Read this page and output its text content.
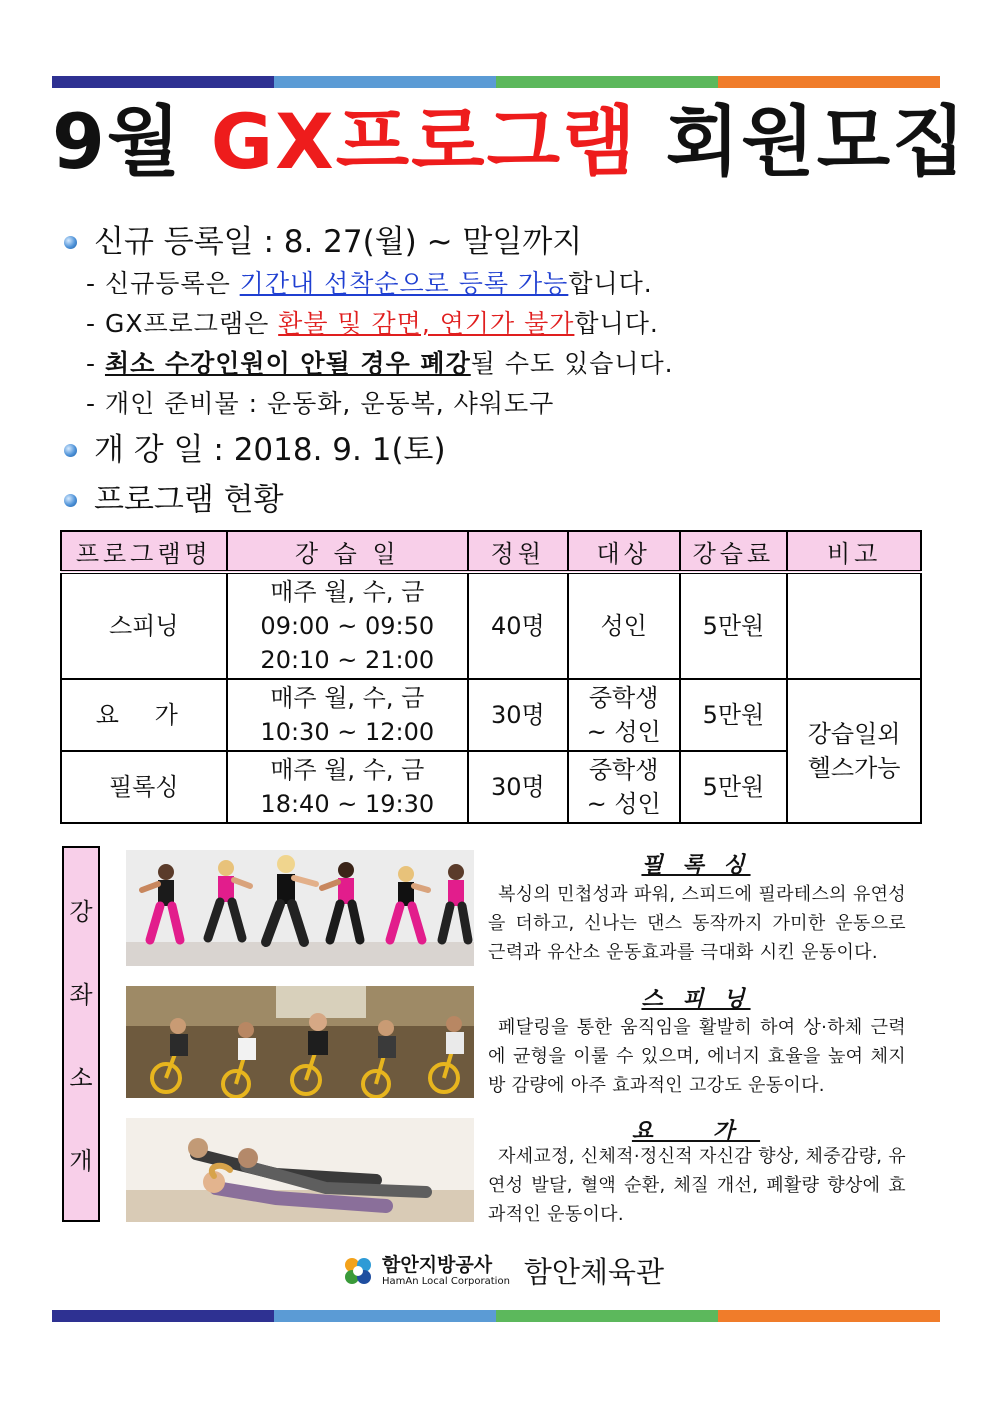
9월 GX프로그램 회원모집
신규 등록일 : 8. 27(월) ~ 말일까지
- 신규등록은 기간내 선착순으로 등록 가능합니다.
- GX프로그램은 환불 및 감면, 연기가 불가합니다.
- 최소 수강인원이 안될 경우 폐강될 수도 있습니다.
- 개인 준비물 : 운동화, 운동복, 샤워도구
개 강 일 : 2018. 9. 1(토)
프로그램 현황
프로그램명	강 습 일	정원	대상	강습료	비고
스피닝	매주 월, 수, 금
09:00 ~ 09:50
20:10 ~ 21:00	40명	성인	5만원	
요 가	매주 월, 수, 금
10:30 ~ 12:00	30명	중학생 ~ 성인	5만원	강습일외 헬스가능
필록싱	매주 월, 수, 금
18:40 ~ 19:30	30명	중학생 ~ 성인	5만원	
강
좌
소
개
필 록 싱
복싱의 민첩성과 파워, 스피드에 필라테스의 유연성을 더하고, 신나는 댄스 동작까지 가미한 운동으로 근력과 유산소 운동효과를 극대화 시킨 운동이다.
스 피 닝
페달링을 통한 움직임을 활발히 하여 상·하체 근력에 균형을 이룰 수 있으며, 에너지 효율을 높여 체지방 감량에 아주 효과적인 고강도 운동이다.
요 가
자세교정, 신체적·정신적 자신감 향상, 체중감량, 유연성 발달, 혈액 순환, 체질 개선, 폐활량 향상에 효과적인 운동이다.
함안지방공사
HamAn Local Corporation 함안체육관
